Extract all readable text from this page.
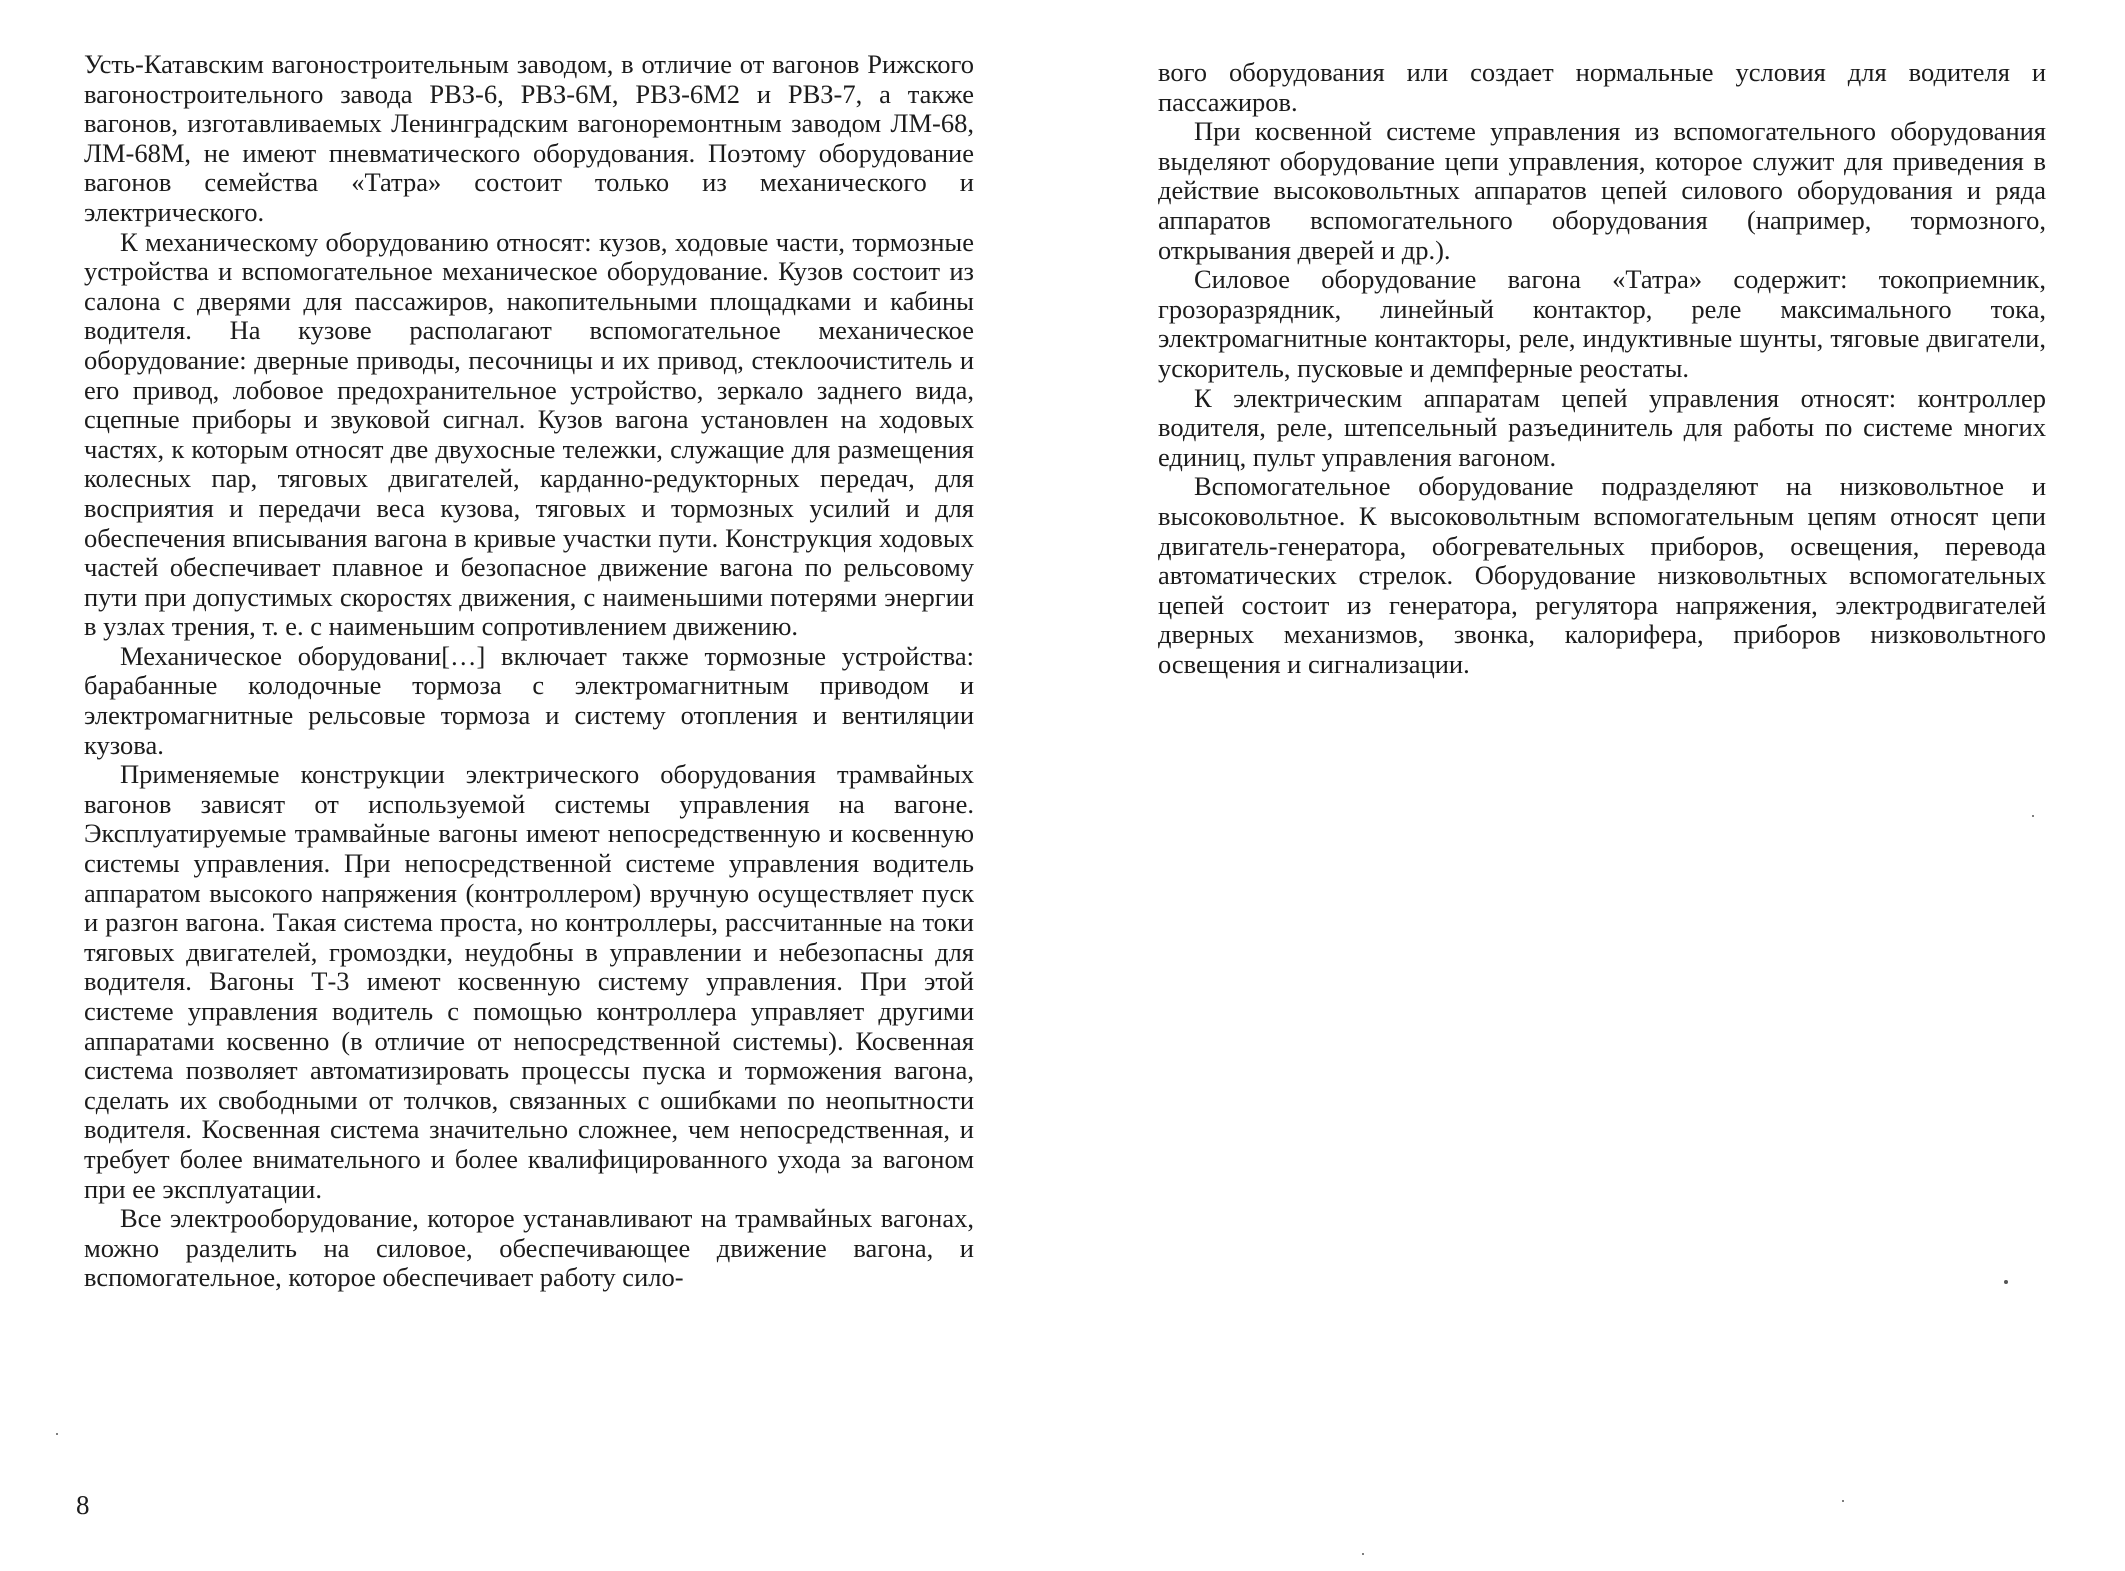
Усть-Катавским вагоностроительным заводом, в отличие от вагонов Рижского вагоностроительного завода РВЗ-6, РВЗ-6М, РВЗ-6М2 и РВЗ-7, а также вагонов, изготавливаемых Ленинградским вагоноремонтным заводом ЛМ-68, ЛМ-68М, не имеют пневматического оборудования. Поэтому оборудование вагонов семейства «Татра» состоит только из механического и электрического.

К механическому оборудованию относят: кузов, ходовые части, тормозные устройства и вспомогательное механическое оборудование. Кузов состоит из салона с дверями для пассажиров, накопительными площадками и кабины водителя. На кузове располагают вспомогательное механическое оборудование: дверные приводы, песочницы и их привод, стеклоочиститель и его привод, лобовое предохранительное устройство, зеркало заднего вида, сцепные приборы и звуковой сигнал. Кузов вагона установлен на ходовых частях, к которым относят две двухосные тележки, служащие для размещения колесных пар, тяговых двигателей, карданно-редукторных передач, для восприятия и передачи веса кузова, тяговых и тормозных усилий и для обеспечения вписывания вагона в кривые участки пути. Конструкция ходовых частей обеспечивает плавное и безопасное движение вагона по рельсовому пути при допустимых скоростях движения, с наименьшими потерями энергии в узлах трения, т. е. с наименьшим сопротивлением движению.

Механическое оборудовани[…] включает также тормозные устройства: барабанные колодочные тормоза с электромагнитным приводом и электромагнитные рельсовые тормоза и систему отопления и вентиляции кузова.

Применяемые конструкции электрического оборудования трамвайных вагонов зависят от используемой системы управления на вагоне. Эксплуатируемые трамвайные вагоны имеют непосредственную и косвенную системы управления. При непосредственной системе управления водитель аппаратом высокого напряжения (контроллером) вручную осуществляет пуск и разгон вагона. Такая система проста, но контроллеры, рассчитанные на токи тяговых двигателей, громоздки, неудобны в управлении и небезопасны для водителя. Вагоны Т-3 имеют косвенную систему управления. При этой системе управления водитель с помощью контроллера управляет другими аппаратами косвенно (в отличие от непосредственной системы). Косвенная система позволяет автоматизировать процессы пуска и торможения вагона, сделать их свободными от толчков, связанных с ошибками по неопытности водителя. Косвенная система значительно сложнее, чем непосредственная, и требует более внимательного и более квалифицированного ухода за вагоном при ее эксплуатации.

Все электрооборудование, которое устанавливают на трамвайных вагонах, можно разделить на силовое, обеспечивающее движение вагона, и вспомогательное, которое обеспечивает работу сило-

8

вого оборудования или создает нормальные условия для водителя и пассажиров.

При косвенной системе управления из вспомогательного оборудования выделяют оборудование цепи управления, которое служит для приведения в действие высоковольтных аппаратов цепей силового оборудования и ряда аппаратов вспомогательного оборудования (например, тормозного, открывания дверей и др.).

Силовое оборудование вагона «Татра» содержит: токоприемник, грозоразрядник, линейный контактор, реле максимального тока, электромагнитные контакторы, реле, индуктивные шунты, тяговые двигатели, ускоритель, пусковые и демпферные реостаты.

К электрическим аппаратам цепей управления относят: контроллер водителя, реле, штепсельный разъединитель для работы по системе многих единиц, пульт управления вагоном.

Вспомогательное оборудование подразделяют на низковольтное и высоковольтное. К высоковольтным вспомогательным цепям относят цепи двигатель-генератора, обогревательных приборов, освещения, перевода автоматических стрелок. Оборудование низковольтных вспомогательных цепей состоит из генератора, регулятора напряжения, электродвигателей дверных механизмов, звонка, калорифера, приборов низковольтного освещения и сигнализации.
